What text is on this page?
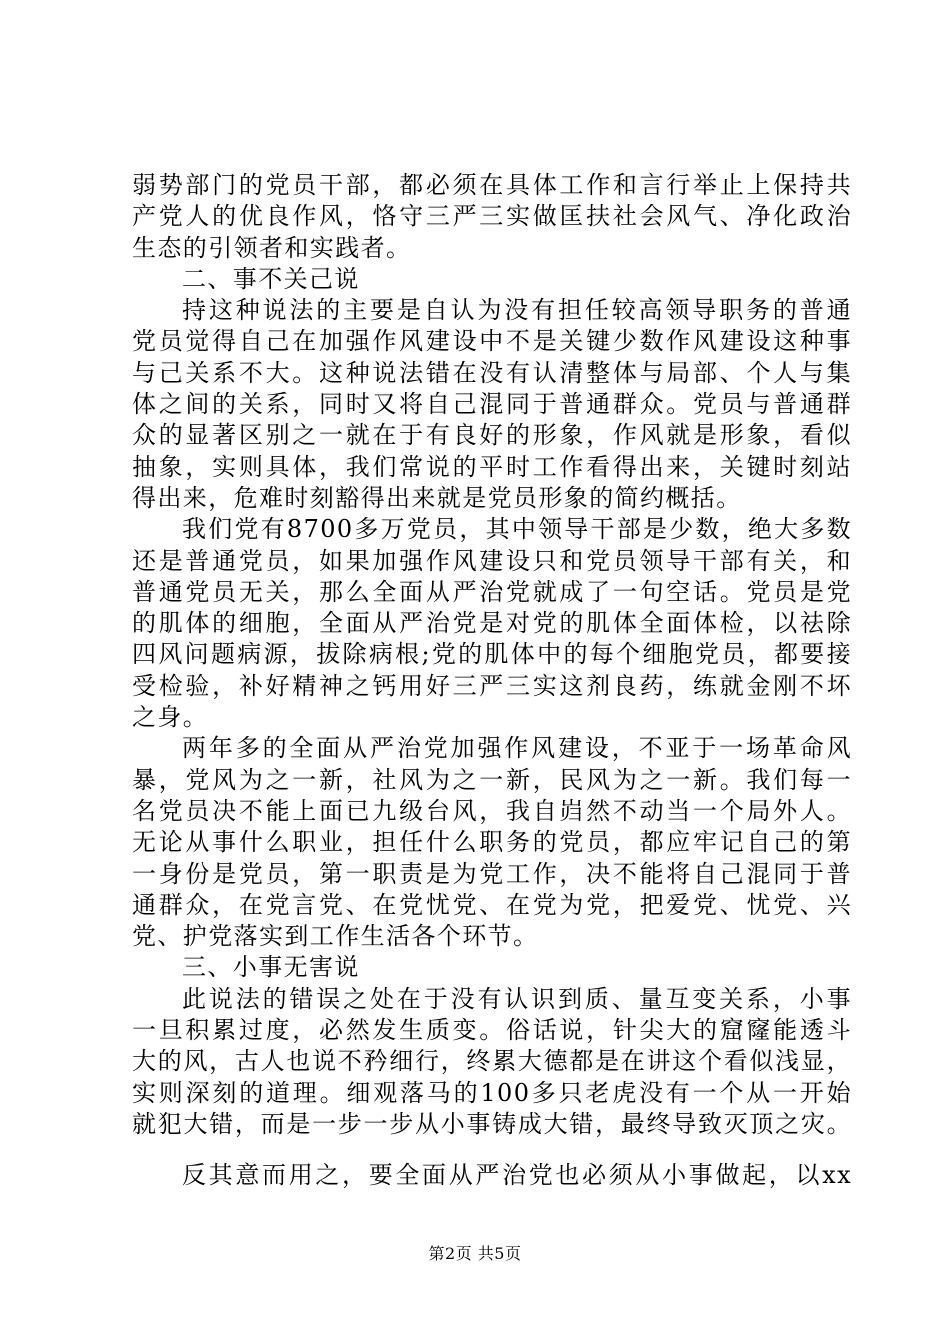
弱势部门的党员干部，都必须在具体工作和言行举止上保持共
产党人的优良作风，恪守三严三实做匡扶社会风气、净化政治
生态的引领者和实践者。
二、事不关己说
持这种说法的主要是自认为没有担任较高领导职务的普通
党员觉得自己在加强作风建设中不是关键少数作风建设这种事
与己关系不大。这种说法错在没有认清整体与局部、个人与集
体之间的关系，同时又将自己混同于普通群众。党员与普通群
众的显著区别之一就在于有良好的形象，作风就是形象，看似
抽象，实则具体，我们常说的平时工作看得出来，关键时刻站
得出来，危难时刻豁得出来就是党员形象的简约概括。
我们党有8700多万党员，其中领导干部是少数，绝大多数
还是普通党员，如果加强作风建设只和党员领导干部有关，和
普通党员无关，那么全面从严治党就成了一句空话。党员是党
的肌体的细胞，全面从严治党是对党的肌体全面体检，以祛除
四风问题病源，拔除病根;党的肌体中的每个细胞党员，都要接
受检验，补好精神之钙用好三严三实这剂良药，练就金刚不坏
之身。
两年多的全面从严治党加强作风建设，不亚于一场革命风
暴，党风为之一新，社风为之一新，民风为之一新。我们每一
名党员决不能上面已九级台风，我自岿然不动当一个局外人。
无论从事什么职业，担任什么职务的党员，都应牢记自己的第
一身份是党员，第一职责是为党工作，决不能将自己混同于普
通群众，在党言党、在党忧党、在党为党，把爱党、忧党、兴
党、护党落实到工作生活各个环节。
三、小事无害说
此说法的错误之处在于没有认识到质、量互变关系，小事
一旦积累过度，必然发生质变。俗话说，针尖大的窟窿能透斗
大的风，古人也说不矜细行，终累大德都是在讲这个看似浅显，
实则深刻的道理。细观落马的100多只老虎没有一个从一开始
就犯大错，而是一步一步从小事铸成大错，最终导致灭顶之灾。
反其意而用之，要全面从严治党也必须从小事做起，以xx
第2页 共5页
